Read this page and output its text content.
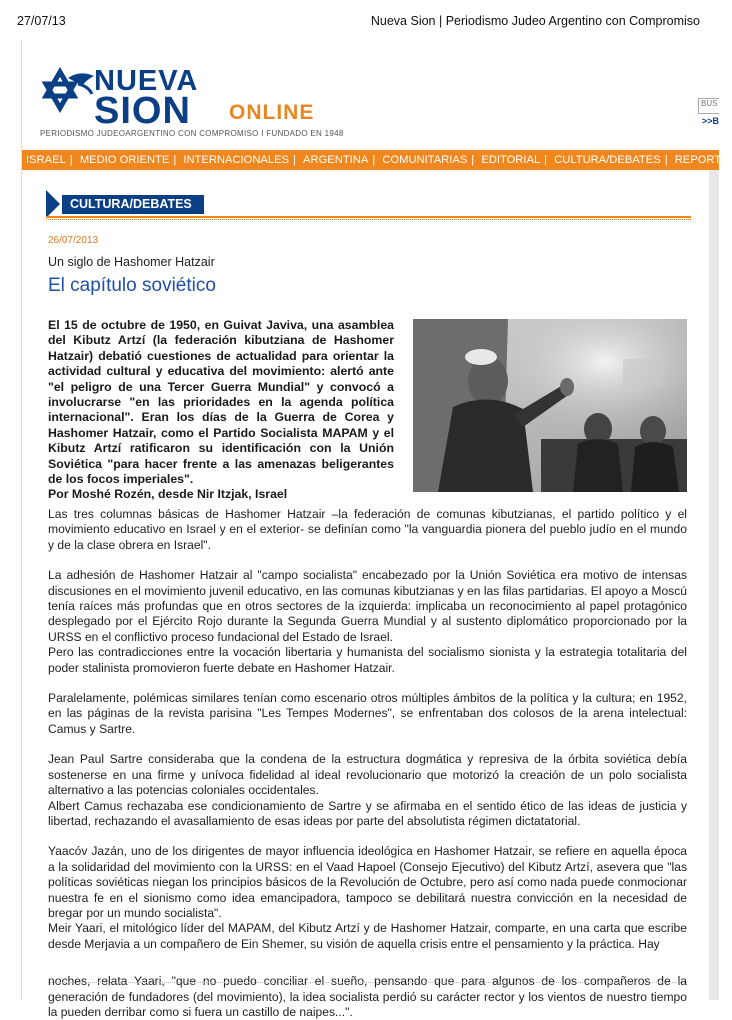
27/07/13	Nueva Sion | Periodismo Judeo Argentino con Compromiso
NUEVA
SION ONLINE
PERIODISMO JUDEOARGENTINO CON COMPROMISO I FUNDADO EN 1948
BUS
>>B
ISRAEL | MEDIO ORIENTE | INTERNACIONALES | ARGENTINA | COMUNITARIAS | EDITORIAL | CULTURA/DEBATES | REPORTA
CULTURA/DEBATES
26/07/2013
Un siglo de Hashomer Hatzair
El capítulo soviético
El 15 de octubre de 1950, en Guivat Javiva, una asamblea del Kibutz Artzí (la federación kibutziana de Hashomer Hatzair) debatió cuestiones de actualidad para orientar la actividad cultural y educativa del movimiento: alertó ante "el peligro de una Tercer Guerra Mundial" y convocó a involucrarse "en las prioridades en la agenda política internacional". Eran los días de la Guerra de Corea y Hashomer Hatzair, como el Partido Socialista MAPAM y el Kibutz Artzí ratificaron su identificación con la Unión Soviética "para hacer frente a las amenazas beligerantes de los focos imperiales".
Por Moshé Rozén, desde Nir Itzjak, Israel

Las tres columnas básicas de Hashomer Hatzair –la federación de comunas kibutzianas, el partido político y el movimiento educativo en Israel y en el exterior- se definían como "la vanguardia pionera del pueblo judío en el mundo y de la clase obrera en Israel".

La adhesión de Hashomer Hatzair al "campo socialista" encabezado por la Unión Soviética era motivo de intensas discusiones en el movimiento juvenil educativo, en las comunas kibutzianas y en las filas partidarias. El apoyo a Moscú tenía raíces más profundas que en otros sectores de la izquierda: implicaba un reconocimiento al papel protagónico desplegado por el Ejército Rojo durante la Segunda Guerra Mundial y al sustento diplomático proporcionado por la URSS en el conflictivo proceso fundacional del Estado de Israel.

Pero las contradicciones entre la vocación libertaria y humanista del socialismo sionista y la estrategia totalitaria del poder stalinista promovieron fuerte debate en Hashomer Hatzair.

Paralelamente, polémicas similares tenían como escenario otros múltiples ámbitos de la política y la cultura; en 1952, en las páginas de la revista parisina "Les Tempes Modernes", se enfrentaban dos colosos de la arena intelectual: Camus y Sartre.

Jean Paul Sartre consideraba que la condena de la estructura dogmática y represiva de la órbita soviética debía sostenerse en una firme y unívoca fidelidad al ideal revolucionario que motorizó la creación de un polo socialista alternativo a las potencias coloniales occidentales.

Albert Camus rechazaba ese condicionamiento de Sartre y se afirmaba en el sentido ético de las ideas de justicia y libertad, rechazando el avasallamiento de esas ideas por parte del absolutista régimen dictatatorial.

Yaacóv Jazán, uno de los dirigentes de mayor influencia ideológica en Hashomer Hatzair, se refiere en aquella época a la solidaridad del movimiento con la URSS: en el Vaad Hapoel (Consejo Ejecutivo) del Kibutz Artzí, asevera que "las políticas soviéticas niegan los principios básicos de la Revolución de Octubre, pero así como nada puede conmocionar nuestra fe en el sionismo como idea emancipadora, tampoco se debilitará nuestra convicción en la necesidad de bregar por un mundo socialista".

Meir Yaari, el mitológico líder del MAPAM, del Kibutz Artzí y de Hashomer Hatzair, comparte, en una carta que escribe desde Merjavia a un compañero de Ein Shemer, su visión de aquella crisis entre el pensamiento y la práctica. Hay

noches, relata Yaari, "que no puedo conciliar el sueño, pensando que para algunos de los compañeros de la generación de fundadores (del movimiento), la idea socialista perdió su carácter rector y los vientos de nuestro tiempo la pueden derribar como si fuera un castillo de naipes...".
